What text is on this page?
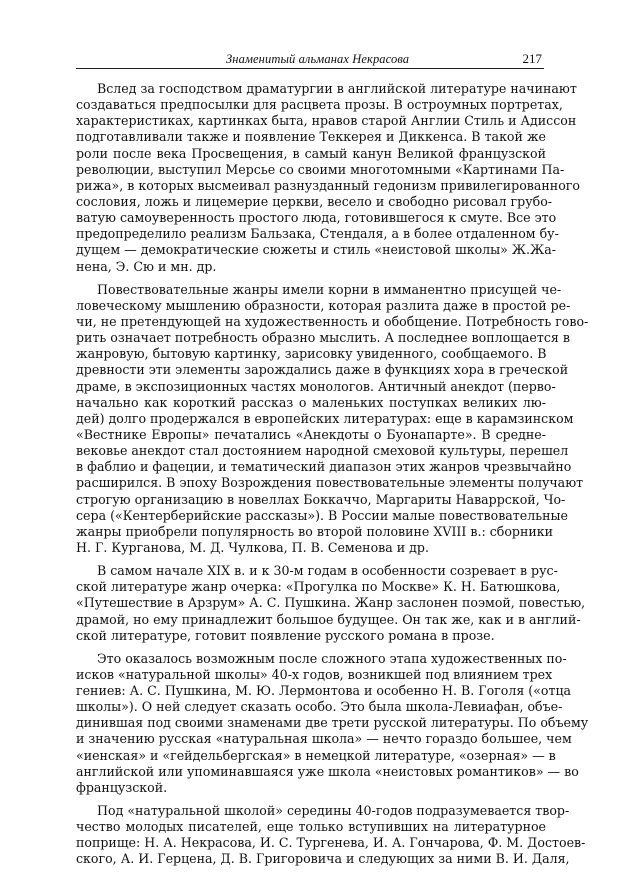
Знаменитый альманах Некрасова	217
Вслед за господством драматургии в английской литературе начинают
создаваться предпосылки для расцвета прозы. В остроумных портретах,
характеристиках, картинках быта, нравов старой Англии Стиль и Адиссон
подготавливали также и появление Теккерея и Диккенса. В такой же
роли после века Просвещения, в самый канун Великой французской
революции, выступил Мерсье со своими многотомными «Картинами Па-
рижа», в которых высмеивал разнузданный гедонизм привилегированного
сословия, ложь и лицемерие церкви, весело и свободно рисовал грубо-
ватую самоуверенность простого люда, готовившегося к смуте. Все это
предопределило реализм Бальзака, Стендаля, а в более отдаленном бу-
дущем — демократические сюжеты и стиль «неистовой школы» Ж.Жа-
нена, Э. Сю и мн. др.
Повествовательные жанры имели корни в имманентно присущей че-
ловеческому мышлению образности, которая разлита даже в простой ре-
чи, не претендующей на художественность и обобщение. Потребность гово-
рить означает потребность образно мыслить. А последнее воплощается в
жанровую, бытовую картинку, зарисовку увиденного, сообщаемого. В
древности эти элементы зарождались даже в функциях хора в греческой
драме, в экспозиционных частях монологов. Античный анекдот (перво-
начально как короткий рассказ о маленьких поступках великих лю-
дей) долго продержался в европейских литературах: еще в карамзинском
«Вестнике Европы» печатались «Анекдоты о Буонапарте». В средне-
вековье анекдот стал достоянием народной смеховой культуры, перешел
в фаблио и фацеции, и тематический диапазон этих жанров чрезвычайно
расширился. В эпоху Возрождения повествовательные элементы получают
строгую организацию в новеллах Боккаччо, Маргариты Наваррской, Чо-
сера («Кентерберийские рассказы»). В России малые повествовательные
жанры приобрели популярность во второй половине XVIII в.: сборники
Н. Г. Курганова, М. Д. Чулкова, П. В. Семенова и др.
В самом начале XIX в. и к 30-м годам в особенности созревает в рус-
ской литературе жанр очерка: «Прогулка по Москве» К. Н. Батюшкова,
«Путешествие в Арзрум» А. С. Пушкина. Жанр заслонен поэмой, повестью,
драмой, но ему принадлежит большое будущее. Он так же, как и в англий-
ской литературе, готовит появление русского романа в прозе.
Это оказалось возможным после сложного этапа художественных по-
исков «натуральной школы» 40-х годов, возникшей под влиянием трех
гениев: А. С. Пушкина, М. Ю. Лермонтова и особенно Н. В. Гоголя («отца
школы»). О ней следует сказать особо. Это была школа-Левиафан, объе-
динившая под своими знаменами две трети русской литературы. По объему
и значению русская «натуральная школа» — нечто гораздо большее, чем
«иенская» и «гейдельбергская» в немецкой литературе, «озерная» — в
английской или упоминавшаяся уже школа «неистовых романтиков» — во
французской.
Под «натуральной школой» середины 40-годов подразумевается твор-
чество молодых писателей, еще только вступивших на литературное
поприще: Н. А. Некрасова, И. С. Тургенева, И. А. Гончарова, Ф. М. Достоев-
ского, А. И. Герцена, Д. В. Григоровича и следующих за ними В. И. Даля,
